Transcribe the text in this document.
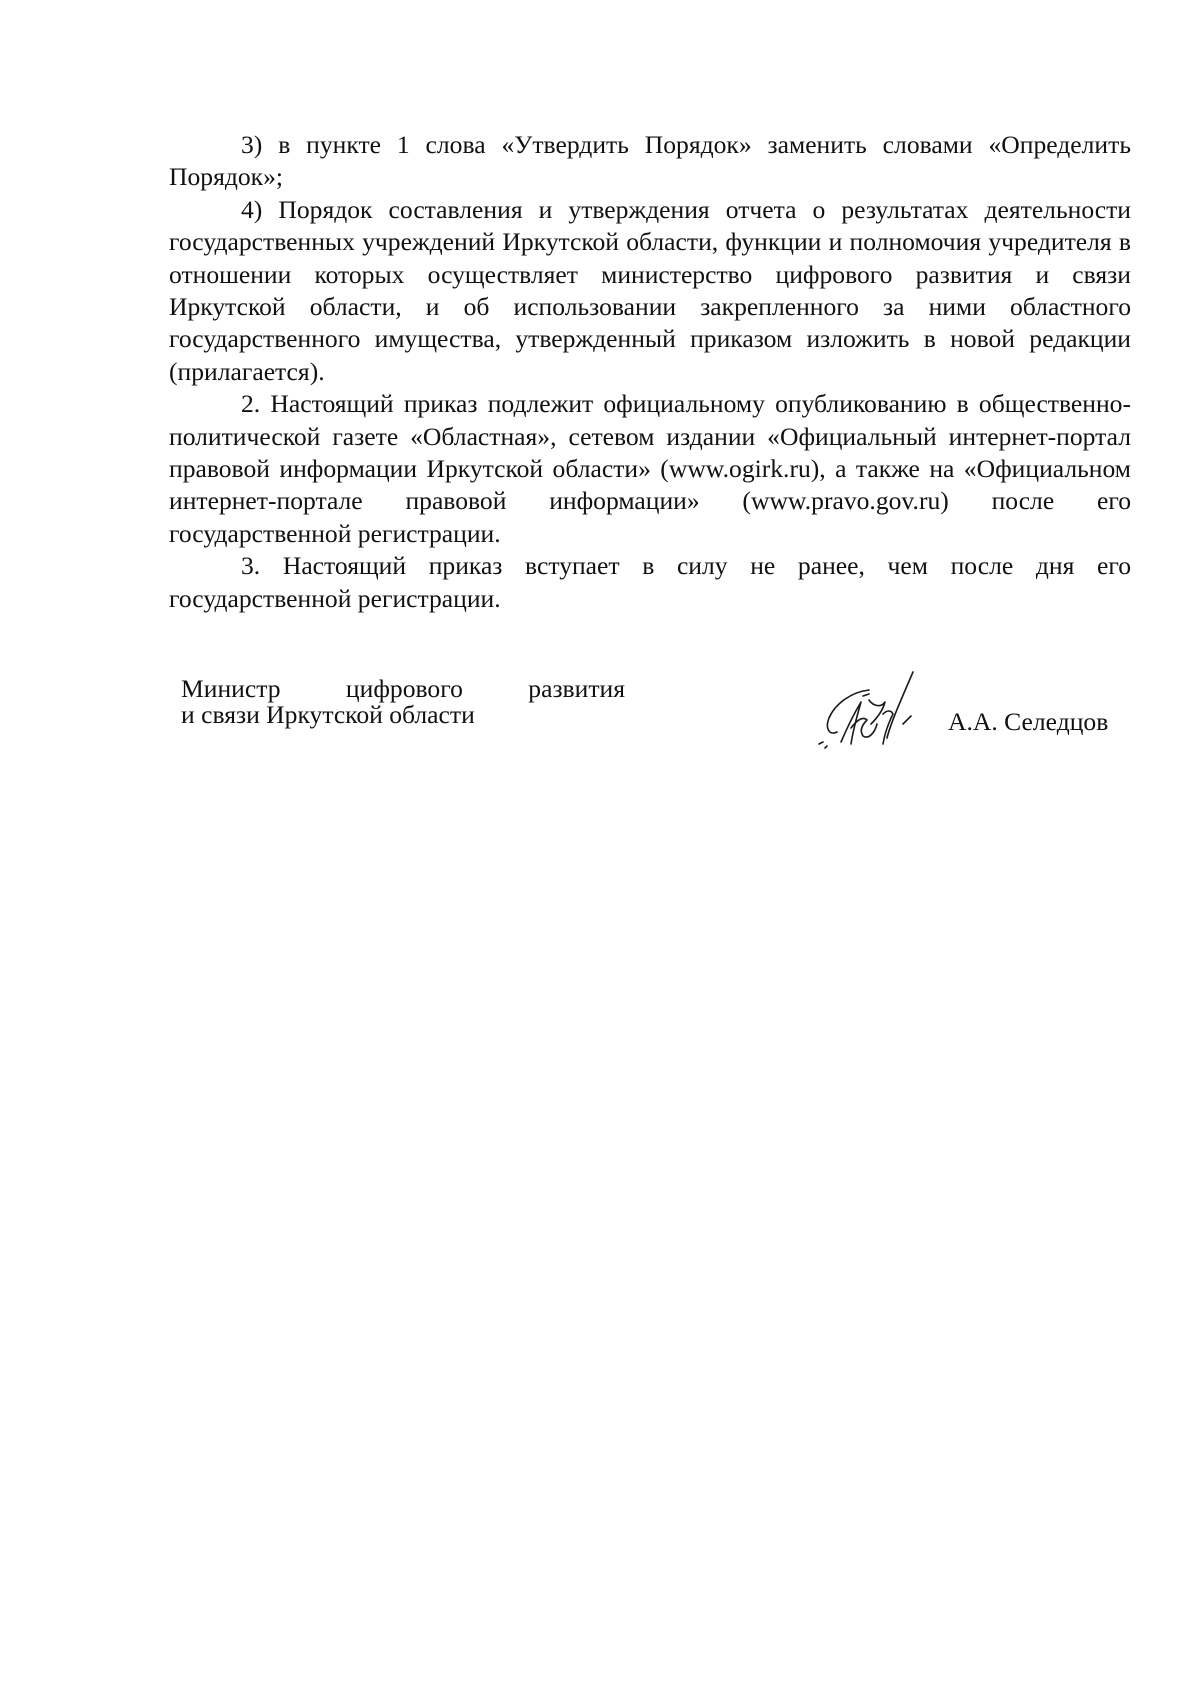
3) в пункте 1 слова «Утвердить Порядок» заменить словами «Определить Порядок»;

4) Порядок составления и утверждения отчета о результатах деятельности государственных учреждений Иркутской области, функции и полномочия учредителя в отношении которых осуществляет министерство цифрового развития и связи Иркутской области, и об использовании закрепленного за ними областного государственного имущества, утвержденный приказом изложить в новой редакции (прилагается).

2. Настоящий приказ подлежит официальному опубликованию в общественно-политической газете «Областная», сетевом издании «Официальный интернет-портал правовой информации Иркутской области» (www.ogirk.ru), а также на «Официальном интернет-портале правовой информации» (www.pravo.gov.ru) после его государственной регистрации.

3. Настоящий приказ вступает в силу не ранее, чем после дня его государственной регистрации.

Министр цифрового развития
и связи Иркутской области	А.А. Селедцов
